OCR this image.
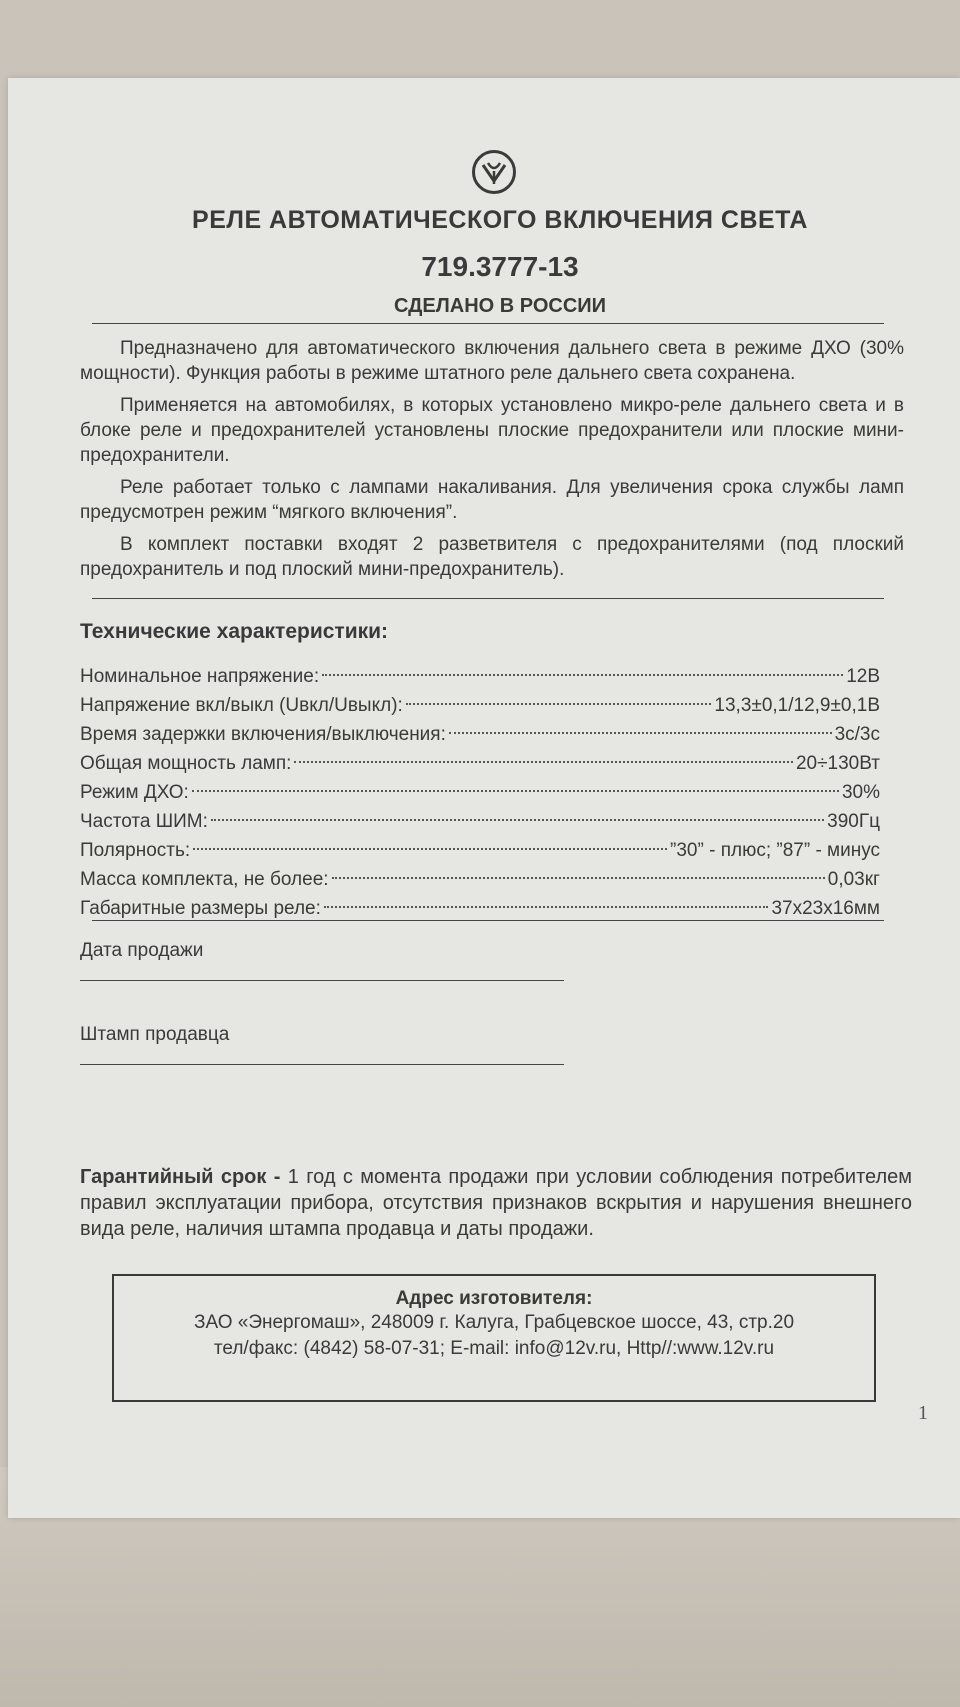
РЕЛЕ АВТОМАТИЧЕСКОГО ВКЛЮЧЕНИЯ СВЕТА
719.3777-13
СДЕЛАНО В РОССИИ

Предназначено для автоматического включения дальнего света в режиме ДХО (30% мощности). Функция работы в режиме штатного реле дальнего света сохранена.

Применяется на автомобилях, в которых установлено микро-реле дальнего света и в блоке реле и предохранителей установлены плоские предохранители или плоские мини-предохранители.

Реле работает только с лампами накаливания. Для увеличения срока службы ламп предусмотрен режим “мягкого включения”.

В комплект поставки входят 2 разветвителя с предохранителями (под плоский предохранитель и под плоский мини-предохранитель).

Технические характеристики:
Номинальное напряжение:	12В
Напряжение вкл/выкл (Uвкл/Uвыкл):	13,3±0,1/12,9±0,1В
Время задержки включения/выключения:	3с/3с
Общая мощность ламп:	20÷130Вт
Режим ДХО:	30%
Частота ШИМ:	390Гц
Полярность:	”30” - плюс; ”87” - минус
Масса комплекта, не более:	0,03кг
Габаритные размеры реле:	37х23х16мм
Дата продажи
Штамп продавца
Гарантийный срок - 1 год с момента продажи при условии соблюдения потребителем правил эксплуатации прибора, отсутствия признаков вскрытия и нарушения внешнего вида реле, наличия штампа продавца и даты продажи.
Адрес изготовителя:
ЗАО «Энергомаш», 248009 г. Калуга, Грабцевское шоссе, 43, стр.20
тел/факс: (4842) 58-07-31; E-mail: info@12v.ru, Http//:www.12v.ru
1
